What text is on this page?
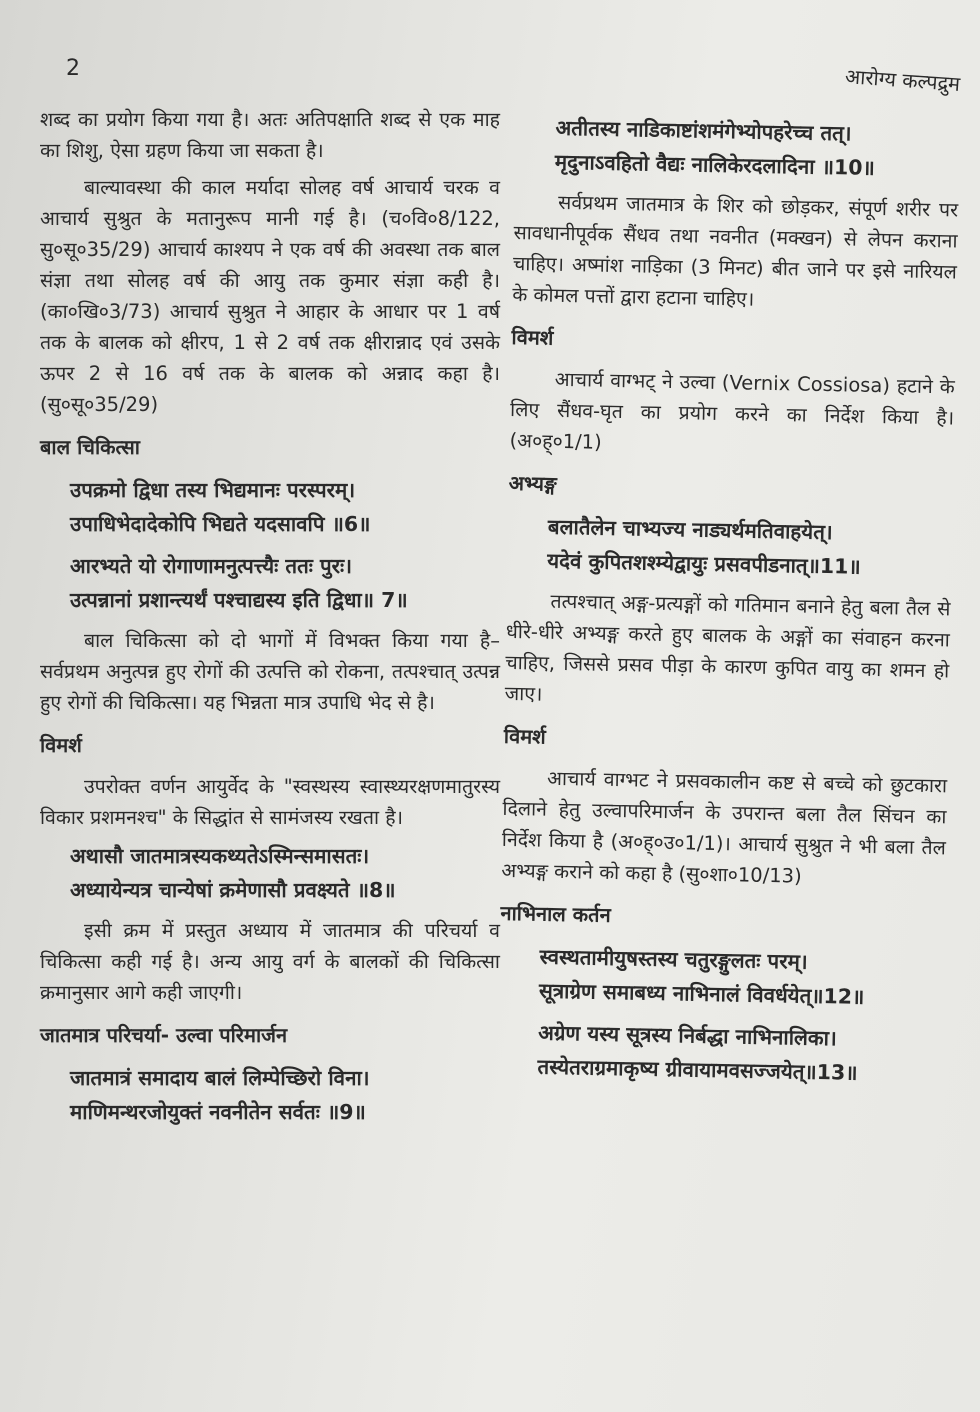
2	आरोग्य कल्पद्रुम

शब्द का प्रयोग किया गया है। अतः अतिपक्षाति शब्द से एक माह का शिशु, ऐसा ग्रहण किया जा सकता है।

बाल्यावस्था की काल मर्यादा सोलह वर्ष आचार्य चरक व आचार्य सुश्रुत के मतानुरूप मानी गई है। (च०वि०8/122, सु०सू०35/29) आचार्य काश्यप ने एक वर्ष की अवस्था तक बाल संज्ञा तथा सोलह वर्ष की आयु तक कुमार संज्ञा कही है। (का०खि०3/73) आचार्य सुश्रुत ने आहार के आधार पर 1 वर्ष तक के बालक को क्षीरप, 1 से 2 वर्ष तक क्षीरान्नाद एवं उसके ऊपर 2 से 16 वर्ष तक के बालक को अन्नाद कहा है। (सु०सू०35/29)

बाल चिकित्सा
उपक्रमो द्विधा तस्य भिद्यमानः परस्परम्।
उपाधिभेदादेकोपि भिद्यते यदसावपि ॥6॥
आरभ्यते यो रोगाणामनुत्पत्त्यैः ततः पुरः।
उत्पन्नानां प्रशान्त्यर्थं पश्चाद्यस्य इति द्विधा॥ 7॥

बाल चिकित्सा को दो भागों में विभक्त किया गया है– सर्वप्रथम अनुत्पन्न हुए रोगों की उत्पत्ति को रोकना, तत्पश्चात् उत्पन्न हुए रोगों की चिकित्सा। यह भिन्नता मात्र उपाधि भेद से है।

विमर्श

उपरोक्त वर्णन आयुर्वेद के "स्वस्थस्य स्वास्थ्यरक्षणमातुरस्य विकार प्रशमनश्च" के सिद्धांत से सामंजस्य रखता है।

अथासौ जातमात्रस्यकथ्यतेऽस्मिन्समासतः।
अध्यायेन्यत्र चान्येषां क्रमेणासौ प्रवक्ष्यते ॥8॥

इसी क्रम में प्रस्तुत अध्याय में जातमात्र की परिचर्या व चिकित्सा कही गई है। अन्य आयु वर्ग के बालकों की चिकित्सा क्रमानुसार आगे कही जाएगी।

जातमात्र परिचर्या- उल्वा परिमार्जन
जातमात्रं समादाय बालं लिम्पेच्छिरो विना।
माणिमन्थरजोयुक्तं नवनीतेन सर्वतः ॥9॥
अतीतस्य नाडिकाष्टांशमंगेभ्योपहरेच्च तत्।
मृदुनाऽवहितो वैद्यः नालिकेरदलादिना ॥10॥

सर्वप्रथम जातमात्र के शिर को छोड़कर, संपूर्ण शरीर पर सावधानीपूर्वक सैंधव तथा नवनीत (मक्खन) से लेपन कराना चाहिए। अष्मांश नाड़िका (3 मिनट) बीत जाने पर इसे नारियल के कोमल पत्तों द्वारा हटाना चाहिए।

विमर्श

आचार्य वाग्भट् ने उल्वा (Vernix Cossiosa) हटाने के लिए सैंधव-घृत का प्रयोग करने का निर्देश किया है। (अ०ह्०1/1)

अभ्यङ्ग
बलातैलेन चाभ्यज्य नाड्यर्थमतिवाहयेत्।
यदेवं कुपितशश्म्येद्वायुः प्रसवपीडनात्॥11॥

तत्पश्चात् अङ्ग-प्रत्यङ्गों को गतिमान बनाने हेतु बला तैल से धीरे-धीरे अभ्यङ्ग करते हुए बालक के अङ्गों का संवाहन करना चाहिए, जिससे प्रसव पीड़ा के कारण कुपित वायु का शमन हो जाए।

विमर्श

आचार्य वाग्भट ने प्रसवकालीन कष्ट से बच्चे को छुटकारा दिलाने हेतु उल्वापरिमार्जन के उपरान्त बला तैल सिंचन का निर्देश किया है (अ०ह्०उ०1/1)। आचार्य सुश्रुत ने भी बला तैल अभ्यङ्ग कराने को कहा है (सु०शा०10/13)

नाभिनाल कर्तन
स्वस्थतामीयुषस्तस्य चतुरङ्गुलतः परम्।
सूत्राग्रेण समाबध्य नाभिनालं विवर्धयेत्॥12॥
अग्रेण यस्य सूत्रस्य निर्बद्धा नाभिनालिका।
तस्येतराग्रमाकृष्य ग्रीवायामवसज्जयेत्॥13॥
